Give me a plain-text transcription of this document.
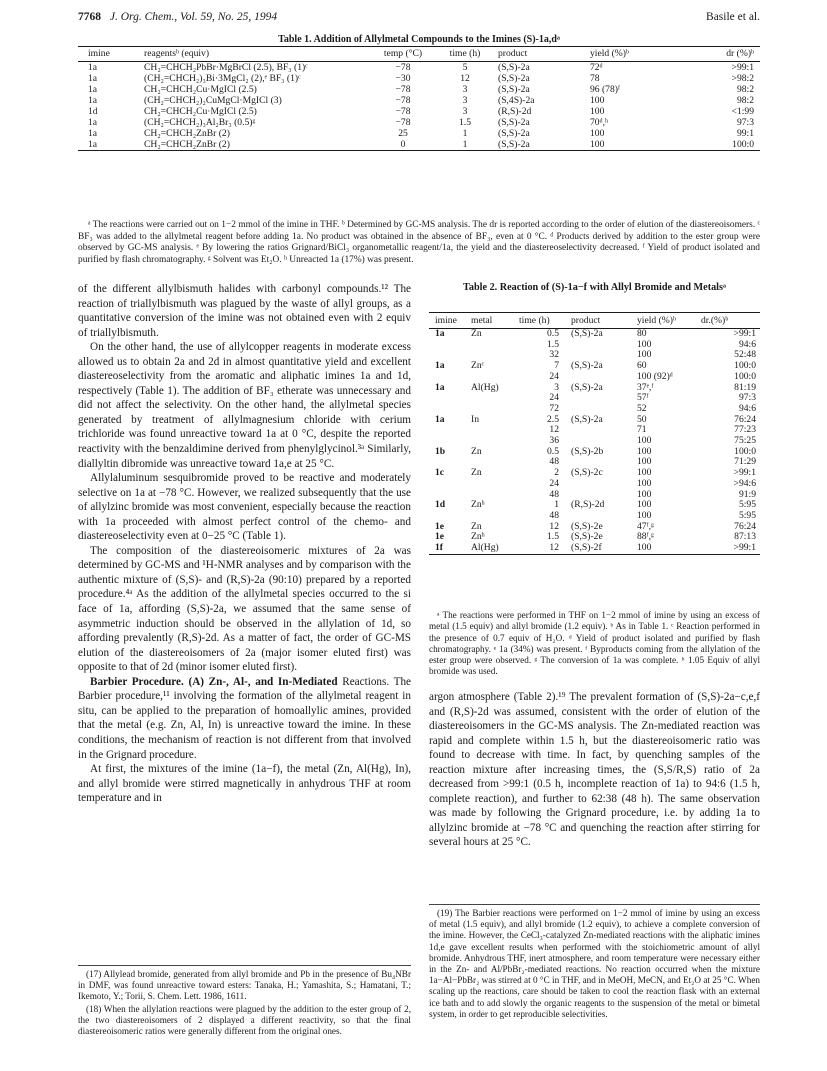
7768 J. Org. Chem., Vol. 59, No. 25, 1994	Basile et al.
Table 1. Addition of Allylmetal Compounds to the Imines (S)-1a,dᵃ
imine	reagentsᵇ (equiv)	temp (°C)	time (h)	product	yield (%)ᵇ	dr (%)ᵇ
1a	CH₂=CHCH₂PbBr·MgBrCl (2.5), BF₃ (1)ᶜ	−78	5	(S,S)-2a	72ᵈ	>99:1
1a	(CH₂=CHCH₂)₃Bi·3MgCl₂ (2),ᵉ BF₃ (1)ᶜ	−30	12	(S,S)-2a	78	>98:2
1a	CH₂=CHCH₂Cu·MgICl (2.5)	−78	3	(S,S)-2a	96 (78)ᶠ	98:2
1a	(CH₂=CHCH₂)₂CuMgCl·MgICl (3)	−78	3	(S,4S)-2a	100	98:2
1d	CH₂=CHCH₂Cu·MgICl (2.5)	−78	3	(R,S)-2d	100	<1:99
1a	(CH₂=CHCH₂)₃Al₂Br₃ (0.5)ᵍ	−78	1.5	(S,S)-2a	70ᵈ,ʰ	97:3
1a	CH₂=CHCH₂ZnBr (2)	25	1	(S,S)-2a	100	99:1
1a	CH₂=CHCH₂ZnBr (2)	0	1	(S,S)-2a	100	100:0
ᵃ The reactions were carried out on 1−2 mmol of the imine in THF. ᵇ Determined by GC-MS analysis. The dr is reported according to the order of elution of the diastereoisomers. ᶜ BF₃ was added to the allylmetal reagent before adding 1a. No product was obtained in the absence of BF₃, even at 0 °C. ᵈ Products derived by addition to the ester group were observed by GC-MS analysis. ᵉ By lowering the ratios Grignard/BiCl₃ organometallic reagent/1a, the yield and the diastereoselectivity decreased. ᶠ Yield of product isolated and purified by flash chromatography. ᵍ Solvent was Et₂O. ʰ Unreacted 1a (17%) was present.

of the different allylbismuth halides with carbonyl compounds.¹² The reaction of triallylbismuth was plagued by the waste of allyl groups, as a quantitative conversion of the imine was not obtained even with 2 equiv of triallylbismuth.

On the other hand, the use of allylcopper reagents in moderate excess allowed us to obtain 2a and 2d in almost quantitative yield and excellent diastereoselectivity from the aromatic and aliphatic imines 1a and 1d, respectively (Table 1). The addition of BF₃ etherate was unnecessary and did not affect the selectivity. On the other hand, the allylmetal species generated by treatment of allylmagnesium chloride with cerium trichloride was found unreactive toward 1a at 0 °C, despite the reported reactivity with the benzaldimine derived from phenylglycinol.³ᵃ Similarly, diallyltin dibromide was unreactive toward 1a,e at 25 °C.

Allylaluminum sesquibromide proved to be reactive and moderately selective on 1a at −78 °C. However, we realized subsequently that the use of allylzinc bromide was most convenient, especially because the reaction with 1a proceeded with almost perfect control of the chemo- and diastereoselectivity even at 0−25 °C (Table 1).

The composition of the diastereoisomeric mixtures of 2a was determined by GC-MS and ¹H-NMR analyses and by comparison with the authentic mixture of (S,S)- and (R,S)-2a (90:10) prepared by a reported procedure.⁴ᵃ As the addition of the allylmetal species occurred to the si face of 1a, affording (S,S)-2a, we assumed that the same sense of asymmetric induction should be observed in the allylation of 1d, so affording prevalently (R,S)-2d. As a matter of fact, the order of GC-MS elution of the diastereoisomers of 2a (major isomer eluted first) was opposite to that of 2d (minor isomer eluted first).

Barbier Procedure. (A) Zn-, Al-, and In-Mediated Reactions. The Barbier procedure,¹¹ involving the formation of the allylmetal reagent in situ, can be applied to the preparation of homoallylic amines, provided that the metal (e.g. Zn, Al, In) is unreactive toward the imine. In these conditions, the mechanism of reaction is not different from that involved in the Grignard procedure.

At first, the mixtures of the imine (1a−f), the metal (Zn, Al(Hg), In), and allyl bromide were stirred magnetically in anhydrous THF at room temperature and in

(17) Allylead bromide, generated from allyl bromide and Pb in the presence of Bu₄NBr in DMF, was found unreactive toward esters: Tanaka, H.; Yamashita, S.; Hamatani, T.; Ikemoto, Y.; Torii, S. Chem. Lett. 1986, 1611.

(18) When the allylation reactions were plagued by the addition to the ester group of 2, the two diastereoisomers of 2 displayed a different reactivity, so that the final diastereoisomeric ratios were generally different from the original ones.

Table 2. Reaction of (S)-1a−f with Allyl Bromide and Metalsᵃ
imine	metal	time (h)	product	yield (%)ᵇ	dr.(%)ᵇ
1a	Zn	0.5	(S,S)-2a	80	>99:1
		1.5		100	94:6
		32		100	52:48
1a	Znᶜ	7	(S,S)-2a	60	100:0
		24		100 (92)ᵈ	100:0
1a	Al(Hg)	3	(S,S)-2a	37ᵉ,ᶠ	81:19
		24		57ᶠ	97:3
		72		52	94:6
1a	In	2.5	(S,S)-2a	50	76:24
		12		71	77:23
		36		100	75:25
1b	Zn	0.5	(S,S)-2b	100	100:0
		48		100	71:29
1c	Zn	2	(S,S)-2c	100	>99:1
		24		100	>94:6
		48		100	91:9
1d	Znʰ	1	(R,S)-2d	100	5:95
		48		100	5:95
1e	Zn	12	(S,S)-2e	47ᶠ,ᵍ	76:24
1e	Znʰ	1.5	(S,S)-2e	88ᶠ,ᵍ	87:13
1f	Al(Hg)	12	(S,S)-2f	100	>99:1
ᵃ The reactions were performed in THF on 1−2 mmol of imine by using an excess of metal (1.5 equiv) and allyl bromide (1.2 equiv). ᵇ As in Table 1. ᶜ Reaction performed in the presence of 0.7 equiv of H₂O. ᵈ Yield of product isolated and purified by flash chromatography. ᵉ 1a (34%) was present. ᶠ Byproducts coming from the allylation of the ester group were observed. ᵍ The conversion of 1a was complete. ʰ 1.05 Equiv of allyl bromide was used.
argon atmosphere (Table 2).¹⁹ The prevalent formation of (S,S)-2a−c,e,f and (R,S)-2d was assumed, consistent with the order of elution of the diastereoisomers in the GC-MS analysis. The Zn-mediated reaction was rapid and complete within 1.5 h, but the diastereoisomeric ratio was found to decrease with time. In fact, by quenching samples of the reaction mixture after increasing times, the (S,S/R,S) ratio of 2a decreased from >99:1 (0.5 h, incomplete reaction of 1a) to 94:6 (1.5 h, complete reaction), and further to 62:38 (48 h). The same observation was made by following the Grignard procedure, i.e. by adding 1a to allylzinc bromide at −78 °C and quenching the reaction after stirring for several hours at 25 °C.
(19) The Barbier reactions were performed on 1−2 mmol of imine by using an excess of metal (1.5 equiv), and allyl bromide (1.2 equiv), to achieve a complete conversion of the imine. However, the CeCl₃-catalyzed Zn-mediated reactions with the aliphatic imines 1d,e gave excellent results when performed with the stoichiometric amount of allyl bromide. Anhydrous THF, inert atmosphere, and room temperature were necessary either in the Zn- and Al/PbBr₂-mediated reactions. No reaction occurred when the mixture 1a−Al−PbBr₂ was stirred at 0 °C in THF, and in MeOH, MeCN, and Et₂O at 25 °C. When scaling up the reactions, care should be taken to cool the reaction flask with an external ice bath and to add slowly the organic reagents to the suspension of the metal or bimetal system, in order to get reproducible selectivities.
